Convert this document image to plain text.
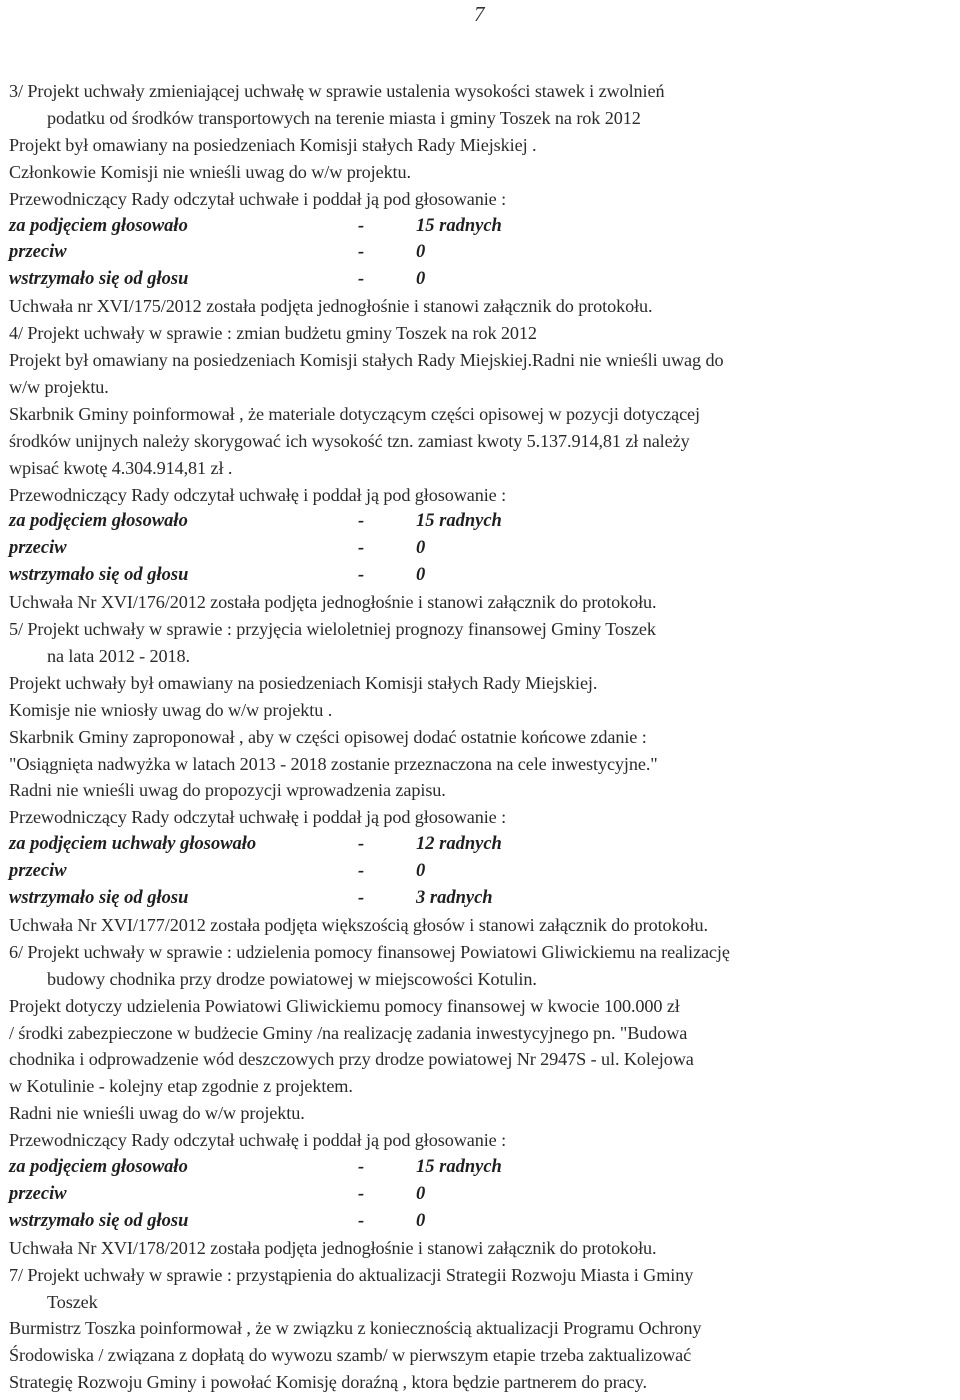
7
3/ Projekt uchwały zmieniającej uchwałę w sprawie ustalenia wysokości stawek i zwolnień
podatku od środków transportowych na terenie miasta i gminy Toszek na rok 2012
Projekt był omawiany na posiedzeniach Komisji stałych Rady Miejskiej .
Członkowie Komisji nie wnieśli uwag do w/w projektu.
Przewodniczący Rady odczytał uchwałe i poddał ją pod głosowanie :
za podjęciem głosowało	-	15 radnych
przeciw	-	0
wstrzymało się od głosu	-	0
Uchwała nr XVI/175/2012 została podjęta jednogłośnie i stanowi załącznik do protokołu.
4/ Projekt uchwały w sprawie : zmian budżetu gminy Toszek na rok 2012
Projekt był omawiany na posiedzeniach Komisji stałych Rady Miejskiej.Radni nie wnieśli uwag do
w/w projektu.
Skarbnik Gminy poinformował , że materiale dotyczącym części opisowej w pozycji dotyczącej
środków unijnych należy skorygować ich wysokość tzn. zamiast kwoty 5.137.914,81 zł należy
wpisać kwotę 4.304.914,81 zł .
Przewodniczący Rady odczytał uchwałę i poddał ją pod głosowanie :
za podjęciem głosowało	-	15 radnych
przeciw	-	0
wstrzymało się od głosu	-	0
Uchwała Nr XVI/176/2012 została podjęta jednogłośnie i stanowi załącznik do protokołu.
5/ Projekt uchwały w sprawie : przyjęcia wieloletniej prognozy finansowej Gminy Toszek
na lata 2012 - 2018.
Projekt uchwały był omawiany na posiedzeniach Komisji stałych Rady Miejskiej.
Komisje nie wniosły uwag do w/w projektu .
Skarbnik Gminy zaproponował , aby w części opisowej dodać ostatnie końcowe zdanie :
"Osiągnięta nadwyżka w latach 2013 - 2018 zostanie przeznaczona na cele inwestycyjne."
Radni nie wnieśli uwag do propozycji wprowadzenia zapisu.
Przewodniczący Rady odczytał uchwałę i poddał ją pod głosowanie :
za podjęciem uchwały głosowało	-	12 radnych
przeciw	-	0
wstrzymało się od głosu	-	3 radnych
Uchwała Nr XVI/177/2012 została podjęta większością głosów i stanowi załącznik do protokołu.
6/ Projekt uchwały w sprawie : udzielenia pomocy finansowej Powiatowi Gliwickiemu na realizację
budowy chodnika przy drodze powiatowej w miejscowości Kotulin.
Projekt dotyczy udzielenia Powiatowi Gliwickiemu pomocy finansowej w kwocie 100.000 zł
/ środki zabezpieczone w budżecie Gminy /na realizację zadania inwestycyjnego pn. "Budowa
chodnika i odprowadzenie wód deszczowych przy drodze powiatowej Nr 2947S - ul. Kolejowa
w Kotulinie - kolejny etap zgodnie z projektem.
Radni nie wnieśli uwag do w/w projektu.
Przewodniczący Rady odczytał uchwałę i poddał ją pod głosowanie :
za podjęciem głosowało	-	15 radnych
przeciw	-	0
wstrzymało się od głosu	-	0
Uchwała Nr XVI/178/2012 została podjęta jednogłośnie i stanowi załącznik do protokołu.
7/ Projekt uchwały w sprawie : przystąpienia do aktualizacji Strategii Rozwoju Miasta i Gminy
Toszek
Burmistrz Toszka poinformował , że w związku z koniecznością aktualizacji Programu Ochrony
Środowiska / związana z dopłatą do wywozu szamb/ w pierwszym etapie trzeba zaktualizować
Strategię Rozwoju Gminy i powołać Komisję doraźną , ktora będzie partnerem do pracy.
